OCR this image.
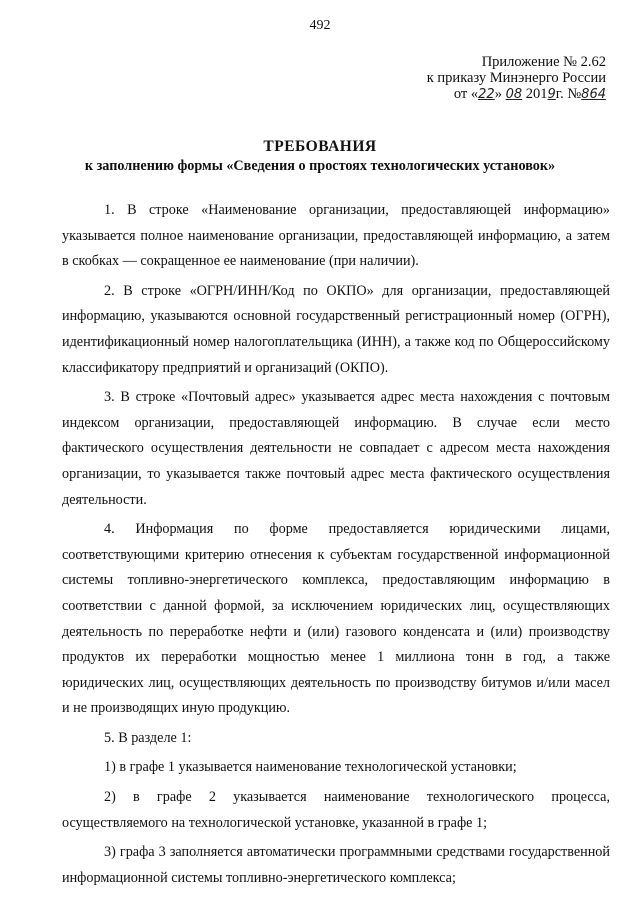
492
Приложение № 2.62
к приказу Минэнерго России
от «22» 08 2019г. №864
ТРЕБОВАНИЯ
к заполнению формы «Сведения о простоях технологических установок»

1. В строке «Наименование организации, предоставляющей информацию» указывается полное наименование организации, предоставляющей информацию, а затем в скобках — сокращенное ее наименование (при наличии).

2. В строке «ОГРН/ИНН/Код по ОКПО» для организации, предоставляющей информацию, указываются основной государственный регистрационный номер (ОГРН), идентификационный номер налогоплательщика (ИНН), а также код по Общероссийскому классификатору предприятий и организаций (ОКПО).

3. В строке «Почтовый адрес» указывается адрес места нахождения с почтовым индексом организации, предоставляющей информацию. В случае если место фактического осуществления деятельности не совпадает с адресом места нахождения организации, то указывается также почтовый адрес места фактического осуществления деятельности.

4. Информация по форме предоставляется юридическими лицами, соответствующими критерию отнесения к субъектам государственной информационной системы топливно-энергетического комплекса, предоставляющим информацию в соответствии с данной формой, за исключением юридических лиц, осуществляющих деятельность по переработке нефти и (или) газового конденсата и (или) производству продуктов их переработки мощностью менее 1 миллиона тонн в год, а также юридических лиц, осуществляющих деятельность по производству битумов и/или масел и не производящих иную продукцию.

5. В разделе 1:

1) в графе 1 указывается наименование технологической установки;

2) в графе 2 указывается наименование технологического процесса, осуществляемого на технологической установке, указанной в графе 1;

3) графа 3 заполняется автоматически программными средствами государственной информационной системы топливно-энергетического комплекса;
